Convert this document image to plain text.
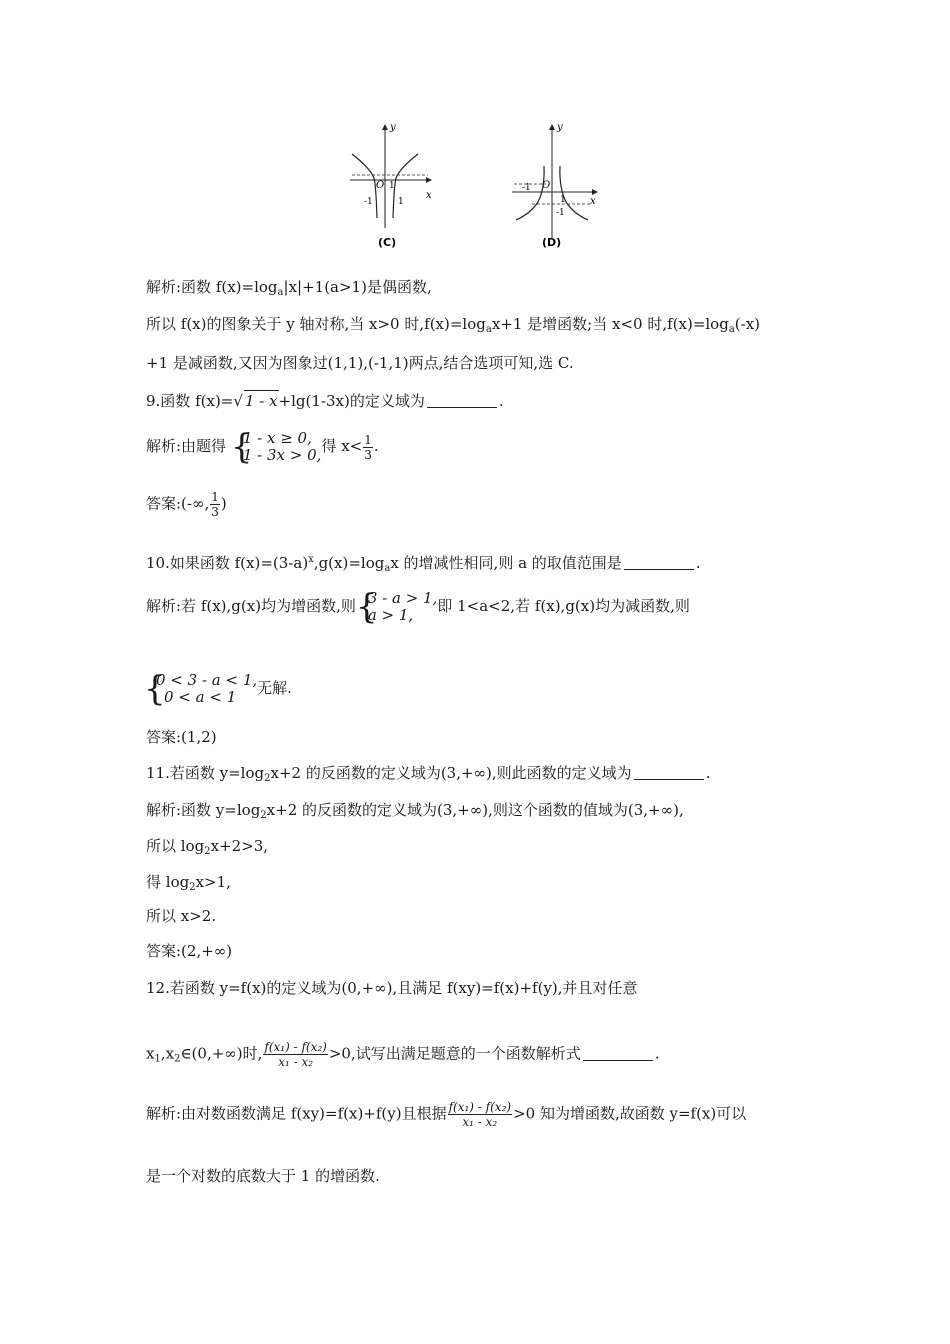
y
x
O 1
-1	1
(C)
y
x
O
-1
1
-1
(D)
解析:函数 $f(x)=\log_a|x|+1(a>1)$是偶函数,
所以 f(x)的图象关于 y 轴对称,当 x>0 时$,f(x)=\log_ax+1$ 是增函数;当 x<0 时$,f(x)=\log_a(-x)$
+1 是减函数,又因为图象过(1,1),(-1,1)两点,结合选项可知,选 C.
9.函数 f(x)=√ 1 - x+lg(1-3x)的定义域为	.
解析:由题得 {
1 - x ≥ 0,
1 - 3x > 0, 得 $x< \frac{1}{3}$ .
答案:(-∞, $\frac{1}{3}$ )
10.如果函数 $f(x)=(3-a)^x,g(x)=\log_ax$ 的增减性相同,则 a 的取值范围是	.
解析:若 f(x),g(x)均为增函数,则 {
3 - a > 1,
a > 1,	即 1<a<2,若 f(x),g(x)均为减函数,则
{
0 < 3 - a < 1,
0 < a < 1	无解.
答案:(1,2)
11.若函数 $y=\log_2x+2$ 的反函数的定义域为(3,+∞),则此函数的定义域为	.
解析:函数 $y=\log_2x+2$ 的反函数的定义域为(3,+∞),则这个函数的值域为(3,+∞),
所以 $\log_2x+2>3$,
得 $\log_2x>1$,
所以 x>2.
答案:(2,+∞)
12.若函数 y=f(x)的定义域为(0,+∞),且满足 f(xy)=f(x)+f(y),并且对任意
$x_1,x_2\in(0,+\infty)$时, $\frac{\text{f(x₁) - f(x₂)}}{\text{x₁ - x₂}} >0$,试写出满足题意的一个函数解析式	.
解析:由对数函数满足 f(xy)=f(x)+f(y)且根据 $\frac{\text{f(x₁) - f(x₂)}}{\text{x₁ - x₂}} >0$ 知为增函数,故函数 y=f(x)可以
是一个对数的底数大于 1 的增函数.
